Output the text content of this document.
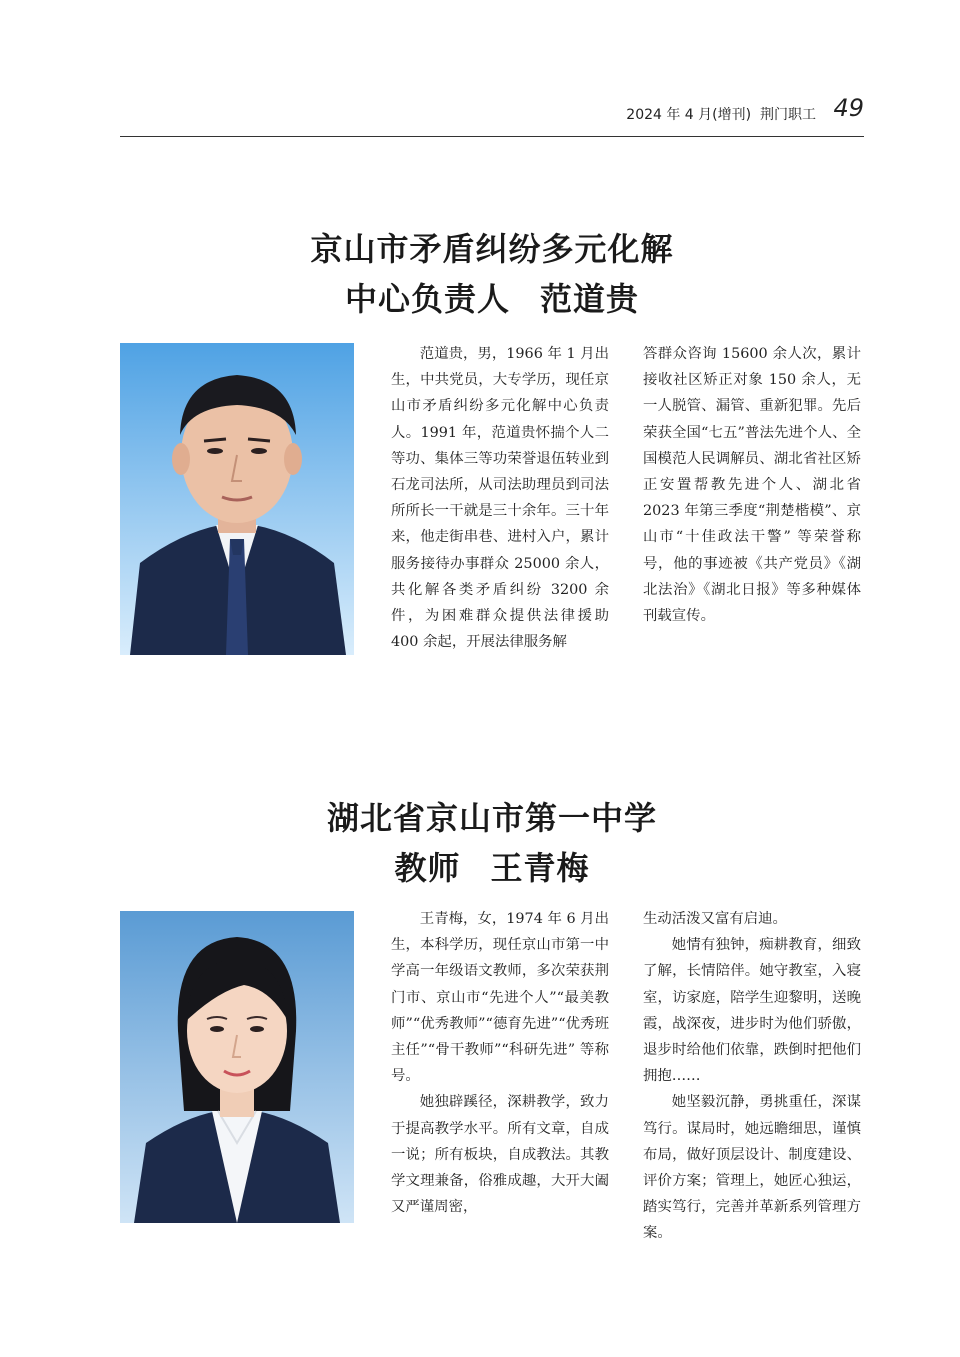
2024 年 4 月(增刊) 荆门职工 49
京山市矛盾纠纷多元化解
中心负责人 范道贵

范道贵，男，1966 年 1 月出生，中共党员，大专学历，现任京山市矛盾纠纷多元化解中心负责人。1991 年，范道贵怀揣个人二等功、集体三等功荣誉退伍转业到石龙司法所，从司法助理员到司法所所长一干就是三十余年。三十年来，他走街串巷、进村入户，累计服务接待办事群众 25000 余人，共化解各类矛盾纠纷 3200 余件，为困难群众提供法律援助 400 余起，开展法律服务解

答群众咨询 15600 余人次，累计接收社区矫正对象 150 余人，无一人脱管、漏管、重新犯罪。先后荣获全国“七五”普法先进个人、全国模范人民调解员、湖北省社区矫正安置帮教先进个人、湖北省 2023 年第三季度“荆楚楷模”、京山市“十佳政法干警” 等荣誉称号，他的事迹被《共产党员》《湖北法治》《湖北日报》等多种媒体刊载宣传。

湖北省京山市第一中学
教师 王青梅

王青梅，女，1974 年 6 月出生，本科学历，现任京山市第一中学高一年级语文教师，多次荣获荆门市、京山市“先进个人”“最美教师”“优秀教师”“德育先进”“优秀班主任”“骨干教师”“科研先进” 等称号。

她独辟蹊径，深耕教学，致力于提高教学水平。所有文章，自成一说；所有板块，自成教法。其教学文理兼备，俗雅成趣，大开大阖又严谨周密，

生动活泼又富有启迪。

她情有独钟，痴耕教育，细致了解，长情陪伴。她守教室，入寝室，访家庭，陪学生迎黎明，送晚霞，战深夜，进步时为他们骄傲，退步时给他们依靠，跌倒时把他们拥抱……

她坚毅沉静，勇挑重任，深谋笃行。谋局时，她远瞻细思，谨慎布局，做好顶层设计、制度建设、评价方案；管理上，她匠心独运，踏实笃行，完善并革新系列管理方案。
